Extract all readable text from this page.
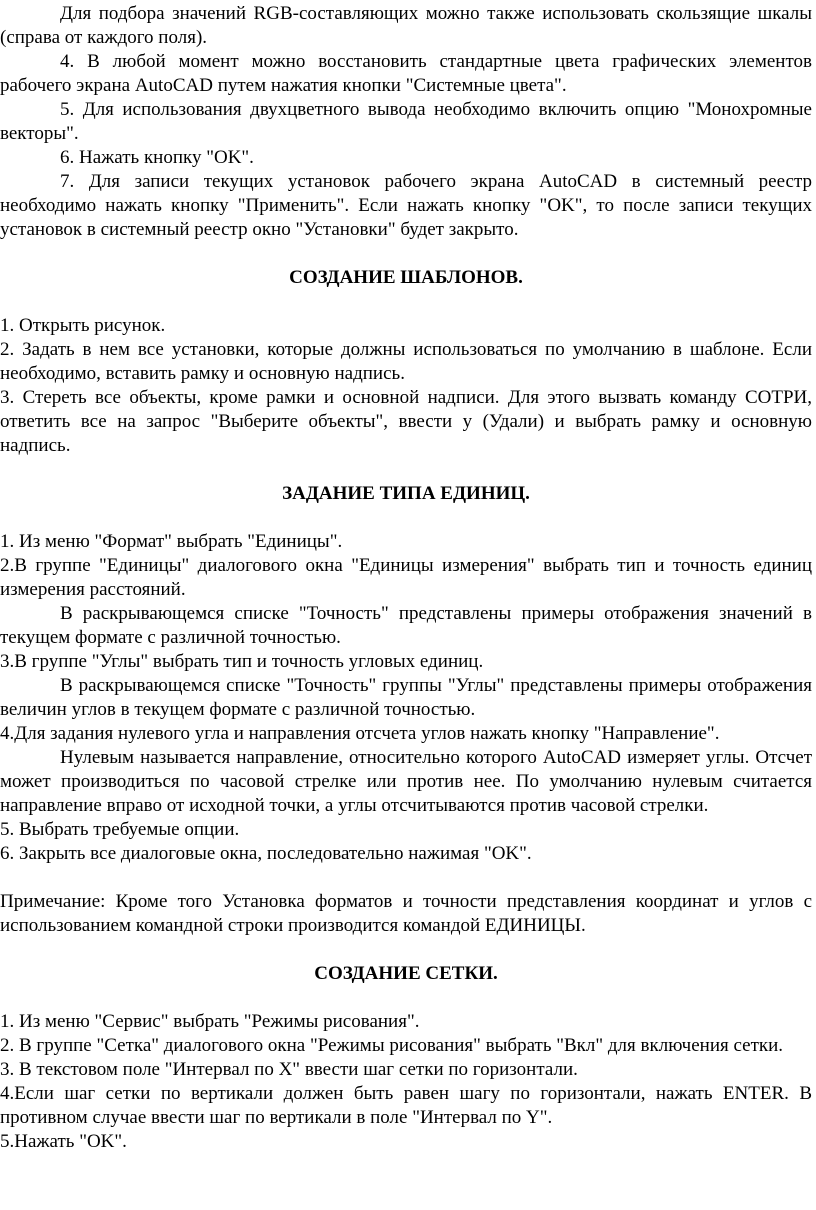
Для подбора значений RGB-составляющих можно также использовать скользящие шкалы (справа от каждого поля).

4. В любой момент можно восстановить стандартные цвета графических элементов рабочего экрана AutoCAD путем нажатия кнопки "Системные цвета".

5. Для использования двухцветного вывода необходимо включить опцию "Монохромные векторы".

6. Нажать кнопку "OK".

7. Для записи текущих установок рабочего экрана AutoCAD в системный реестр необходимо нажать кнопку "Применить". Если нажать кнопку "OK", то после записи текущих установок в системный реестр окно "Установки" будет закрыто.

СОЗДАНИЕ ШАБЛОНОВ.

1. Открыть рисунок.

2. Задать в нем все установки, которые должны использоваться по умолчанию в шаблоне. Если необходимо, вставить рамку и основную надпись.

3. Стереть все объекты, кроме рамки и основной надписи. Для этого вызвать команду СОТРИ, ответить все на запрос "Выберите объекты", ввести у (Удали) и выбрать рамку и основную надпись.

ЗАДАНИЕ ТИПА ЕДИНИЦ.

1. Из меню "Формат" выбрать "Единицы".

2.В группе "Единицы" диалогового окна "Единицы измерения" выбрать тип и точность единиц измерения расстояний.

В раскрывающемся списке "Точность" представлены примеры отображения значений в текущем формате с различной точностью.

3.В группе "Углы" выбрать тип и точность угловых единиц.

В раскрывающемся списке "Точность" группы "Углы" представлены примеры отображения величин углов в текущем формате с различной точностью.

4.Для задания нулевого угла и направления отсчета углов нажать кнопку "Направление".

Нулевым называется направление, относительно которого AutoCAD измеряет углы. Отсчет может производиться по часовой стрелке или против нее. По умолчанию нулевым считается направление вправо от исходной точки, а углы отсчитываются против часовой стрелки.

5. Выбрать требуемые опции.

6. Закрыть все диалоговые окна, последовательно нажимая "OK".

Примечание: Кроме того Установка форматов и точности представления координат и углов с использованием командной строки производится командой ЕДИНИЦЫ.

СОЗДАНИЕ СЕТКИ.

1. Из меню "Сервис" выбрать "Режимы рисования".

2. В группе "Сетка" диалогового окна "Режимы рисования" выбрать "Вкл" для включения сетки.

3. В текстовом поле "Интервал по X" ввести шаг сетки по горизонтали.

4.Если шаг сетки по вертикали должен быть равен шагу по горизонтали, нажать ENTER. В противном случае ввести шаг по вертикали в поле "Интервал по Y".

5.Нажать "OK".
